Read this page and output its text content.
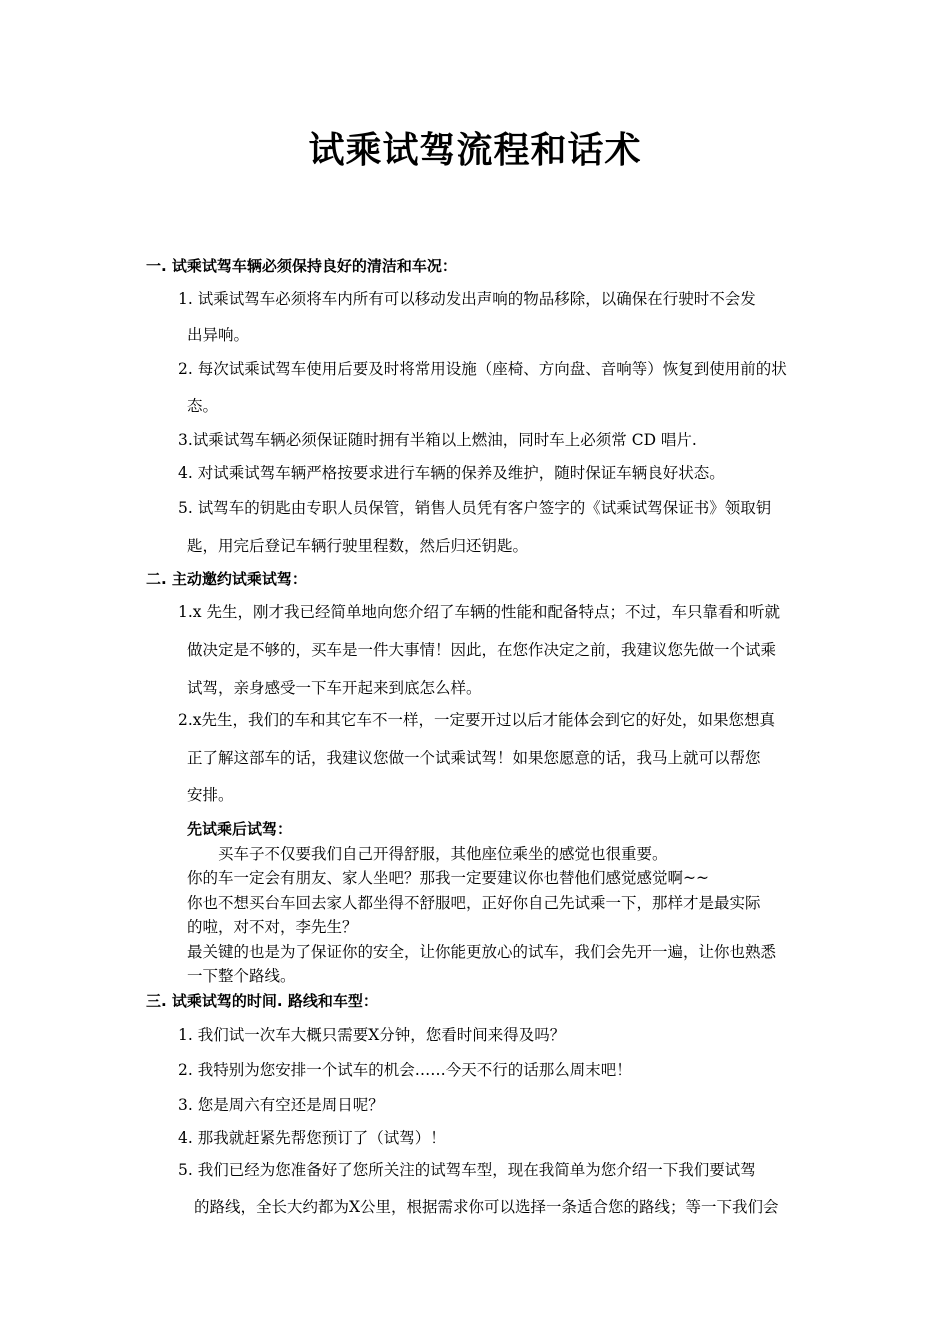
试乘试驾流程和话术
一. 试乘试驾车辆必须保持良好的清洁和车况：
1. 试乘试驾车必须将车内所有可以移动发出声响的物品移除，以确保在行驶时不会发
出异响。
2. 每次试乘试驾车使用后要及时将常用设施（座椅、方向盘、音响等）恢复到使用前的状
态。
3.试乘试驾车辆必须保证随时拥有半箱以上燃油，同时车上必须常 CD 唱片.
4. 对试乘试驾车辆严格按要求进行车辆的保养及维护，随时保证车辆良好状态。
5. 试驾车的钥匙由专职人员保管，销售人员凭有客户签字的《试乘试驾保证书》领取钥
匙，用完后登记车辆行驶里程数，然后归还钥匙。
二. 主动邀约试乘试驾：
1.x 先生，刚才我已经简单地向您介绍了车辆的性能和配备特点；不过，车只靠看和听就
做决定是不够的，买车是一件大事情！因此，在您作决定之前，我建议您先做一个试乘
试驾，亲身感受一下车开起来到底怎么样。
2.x先生，我们的车和其它车不一样，一定要开过以后才能体会到它的好处，如果您想真
正了解这部车的话，我建议您做一个试乘试驾！如果您愿意的话，我马上就可以帮您
安排。
先试乘后试驾：
买车子不仅要我们自己开得舒服，其他座位乘坐的感觉也很重要。
你的车一定会有朋友、家人坐吧？那我一定要建议你也替他们感觉感觉啊~~
你也不想买台车回去家人都坐得不舒服吧，正好你自己先试乘一下，那样才是最实际
的啦，对不对，李先生？
最关键的也是为了保证你的安全，让你能更放心的试车，我们会先开一遍，让你也熟悉
一下整个路线。
三. 试乘试驾的时间. 路线和车型：
1. 我们试一次车大概只需要X分钟，您看时间来得及吗？
2. 我特别为您安排一个试车的机会……今天不行的话那么周末吧！
3. 您是周六有空还是周日呢？
4. 那我就赶紧先帮您预订了（试驾）！
5. 我们已经为您准备好了您所关注的试驾车型，现在我简单为您介绍一下我们要试驾
的路线，全长大约都为X公里，根据需求你可以选择一条适合您的路线；等一下我们会
